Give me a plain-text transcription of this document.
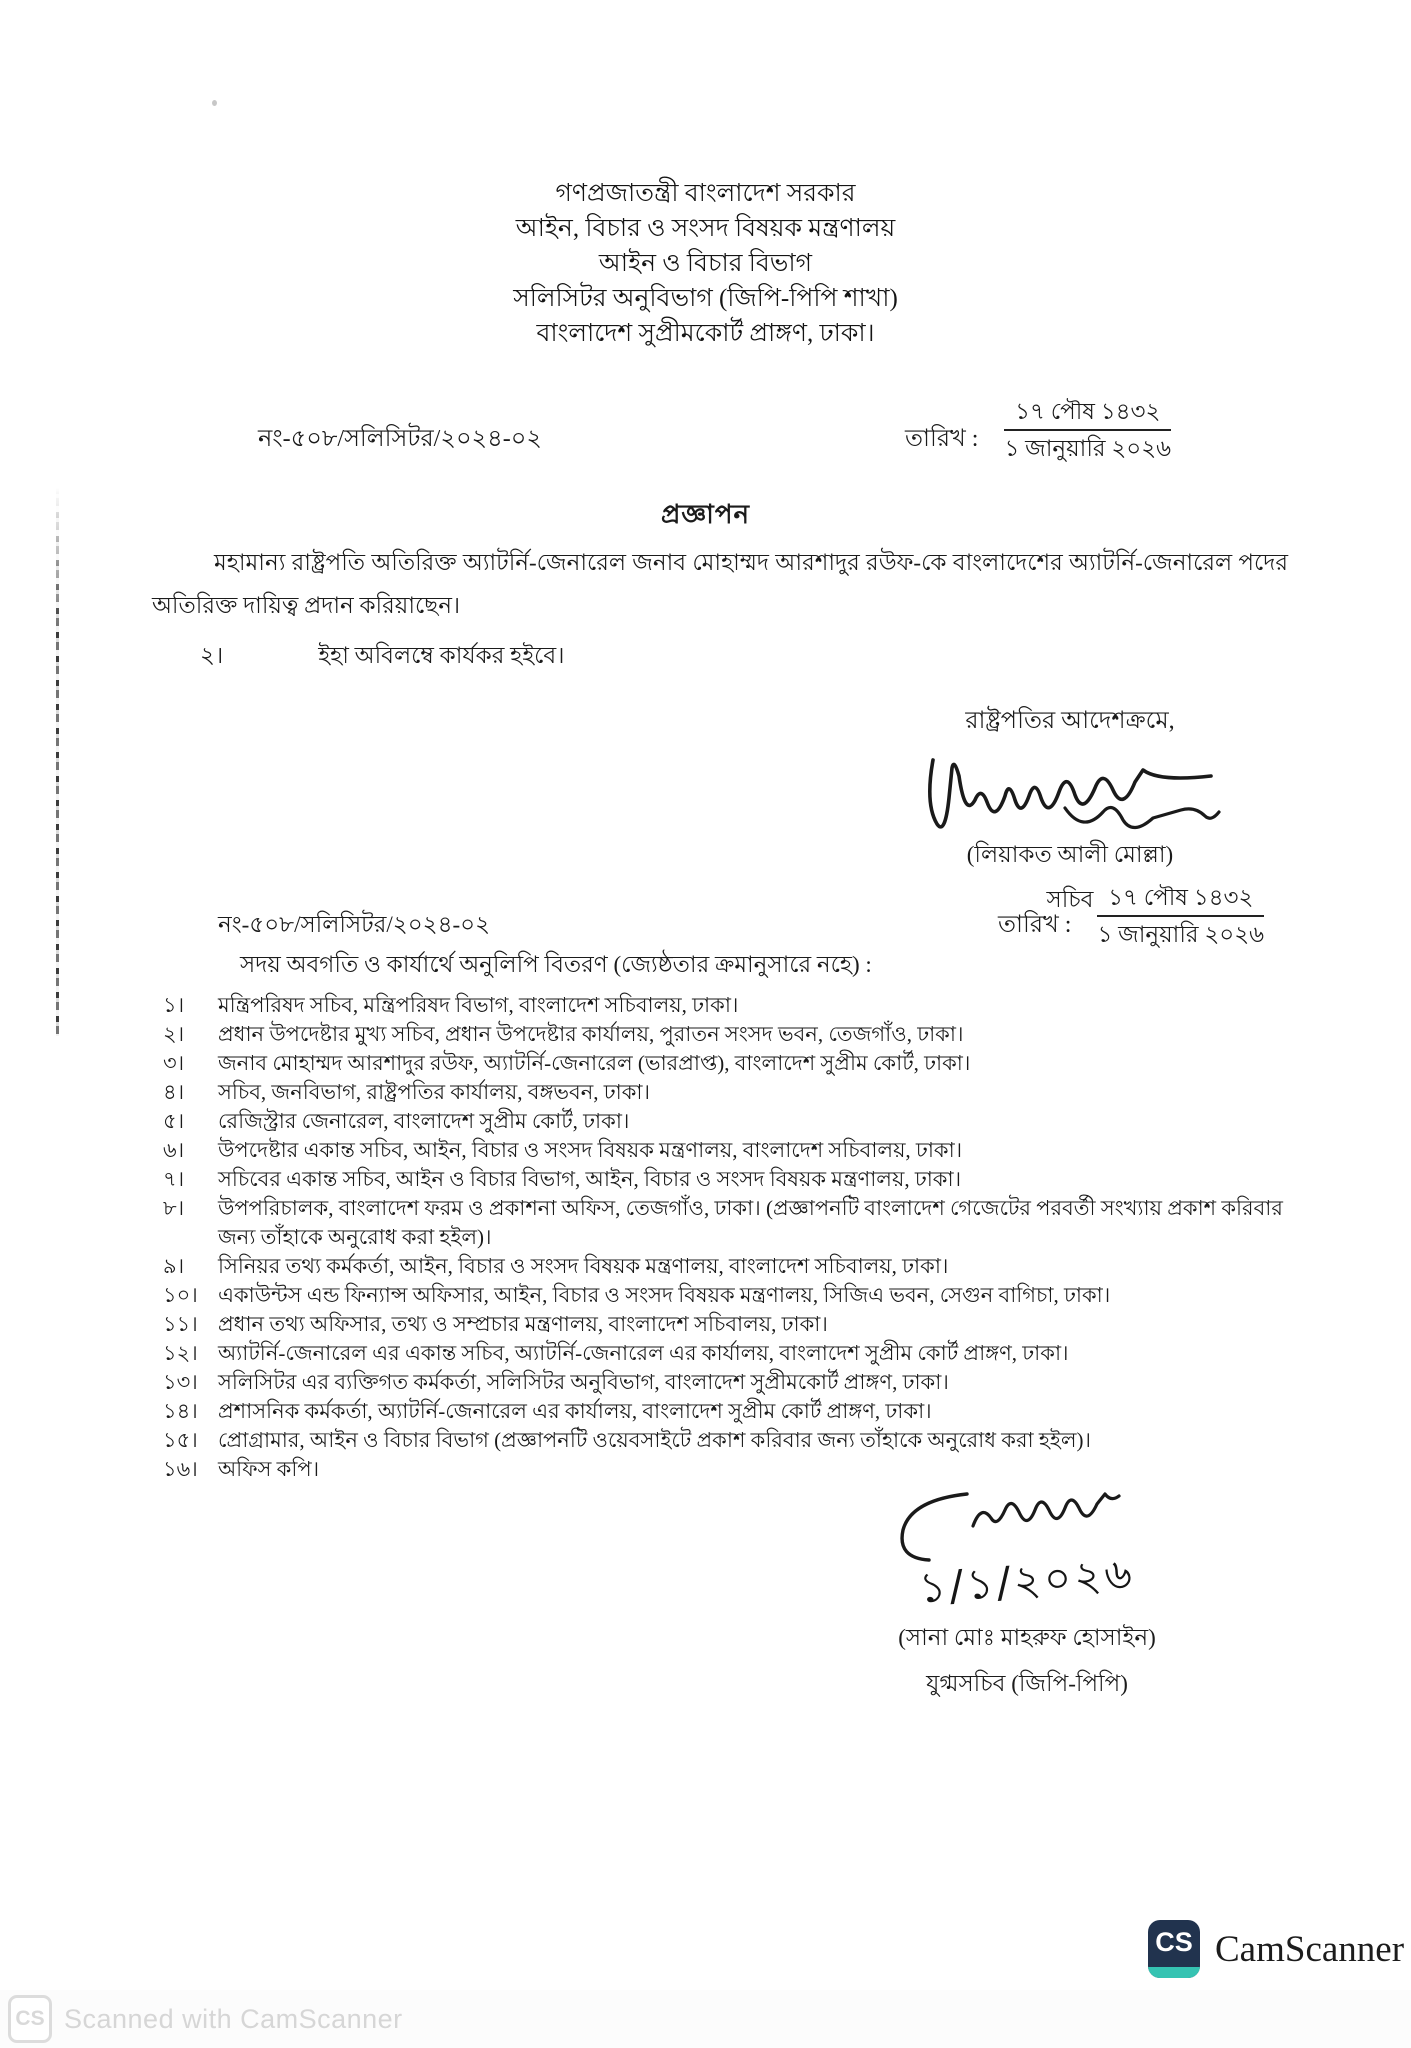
গণপ্রজাতন্ত্রী বাংলাদেশ সরকার
আইন, বিচার ও সংসদ বিষয়ক মন্ত্রণালয়
আইন ও বিচার বিভাগ
সলিসিটর অনুবিভাগ (জিপি-পিপি শাখা)
বাংলাদেশ সুপ্রীমকোর্ট প্রাঙ্গণ, ঢাকা।
নং-৫০৮/সলিসিটর/২০২৪-০২	তারিখ : $\frac{\text{১৭ পৌষ ১৪৩২}}{\text{১ জানুয়ারি ২০২৬}}$
প্রজ্ঞাপন
মহামান্য রাষ্ট্রপতি অতিরিক্ত অ্যাটর্নি-জেনারেল জনাব মোহাম্মদ আরশাদুর রউফ-কে বাংলাদেশের অ্যাটর্নি-জেনারেল পদের অতিরিক্ত দায়িত্ব প্রদান করিয়াছেন।
২।	ইহা অবিলম্বে কার্যকর হইবে।
রাষ্ট্রপতির আদেশক্রমে,
(লিয়াকত আলী মোল্লা)
সচিব
নং-৫০৮/সলিসিটর/২০২৪-০২	তারিখ : $\frac{\text{১৭ পৌষ ১৪৩২}}{\text{১ জানুয়ারি ২০২৬}}$
সদয় অবগতি ও কার্যার্থে অনুলিপি বিতরণ (জ্যেষ্ঠতার ক্রমানুসারে নহে) :
১।	মন্ত্রিপরিষদ সচিব, মন্ত্রিপরিষদ বিভাগ, বাংলাদেশ সচিবালয়, ঢাকা।
২।	প্রধান উপদেষ্টার মুখ্য সচিব, প্রধান উপদেষ্টার কার্যালয়, পুরাতন সংসদ ভবন, তেজগাঁও, ঢাকা।
৩।	জনাব মোহাম্মদ আরশাদুর রউফ, অ্যাটর্নি-জেনারেল (ভারপ্রাপ্ত), বাংলাদেশ সুপ্রীম কোর্ট, ঢাকা।
৪।	সচিব, জনবিভাগ, রাষ্ট্রপতির কার্যালয়, বঙ্গভবন, ঢাকা।
৫।	রেজিস্ট্রার জেনারেল, বাংলাদেশ সুপ্রীম কোর্ট, ঢাকা।
৬।	উপদেষ্টার একান্ত সচিব, আইন, বিচার ও সংসদ বিষয়ক মন্ত্রণালয়, বাংলাদেশ সচিবালয়, ঢাকা।
৭।	সচিবের একান্ত সচিব, আইন ও বিচার বিভাগ, আইন, বিচার ও সংসদ বিষয়ক মন্ত্রণালয়, ঢাকা।
৮।	উপপরিচালক, বাংলাদেশ ফরম ও প্রকাশনা অফিস, তেজগাঁও, ঢাকা। (প্রজ্ঞাপনটি বাংলাদেশ গেজেটের পরবর্তী সংখ্যায় প্রকাশ করিবার জন্য তাঁহাকে অনুরোধ করা হইল)।
৯।	সিনিয়র তথ্য কর্মকর্তা, আইন, বিচার ও সংসদ বিষয়ক মন্ত্রণালয়, বাংলাদেশ সচিবালয়, ঢাকা।
১০। একাউন্টস এন্ড ফিন্যান্স অফিসার, আইন, বিচার ও সংসদ বিষয়ক মন্ত্রণালয়, সিজিএ ভবন, সেগুন বাগিচা, ঢাকা।
১১। প্রধান তথ্য অফিসার, তথ্য ও সম্প্রচার মন্ত্রণালয়, বাংলাদেশ সচিবালয়, ঢাকা।
১২। অ্যাটর্নি-জেনারেল এর একান্ত সচিব, অ্যাটর্নি-জেনারেল এর কার্যালয়, বাংলাদেশ সুপ্রীম কোর্ট প্রাঙ্গণ, ঢাকা।
১৩। সলিসিটর এর ব্যক্তিগত কর্মকর্তা, সলিসিটর অনুবিভাগ, বাংলাদেশ সুপ্রীমকোর্ট প্রাঙ্গণ, ঢাকা।
১৪। প্রশাসনিক কর্মকর্তা, অ্যাটর্নি-জেনারেল এর কার্যালয়, বাংলাদেশ সুপ্রীম কোর্ট প্রাঙ্গণ, ঢাকা।
১৫। প্রোগ্রামার, আইন ও বিচার বিভাগ (প্রজ্ঞাপনটি ওয়েবসাইটে প্রকাশ করিবার জন্য তাঁহাকে অনুরোধ করা হইল)।
১৬। অফিস কপি।
১/১/২০২৬
(সানা মোঃ মাহরুফ হোসাইন)
যুগ্মসচিব (জিপি-পিপি)
CS CamScanner
CS Scanned with CamScanner
